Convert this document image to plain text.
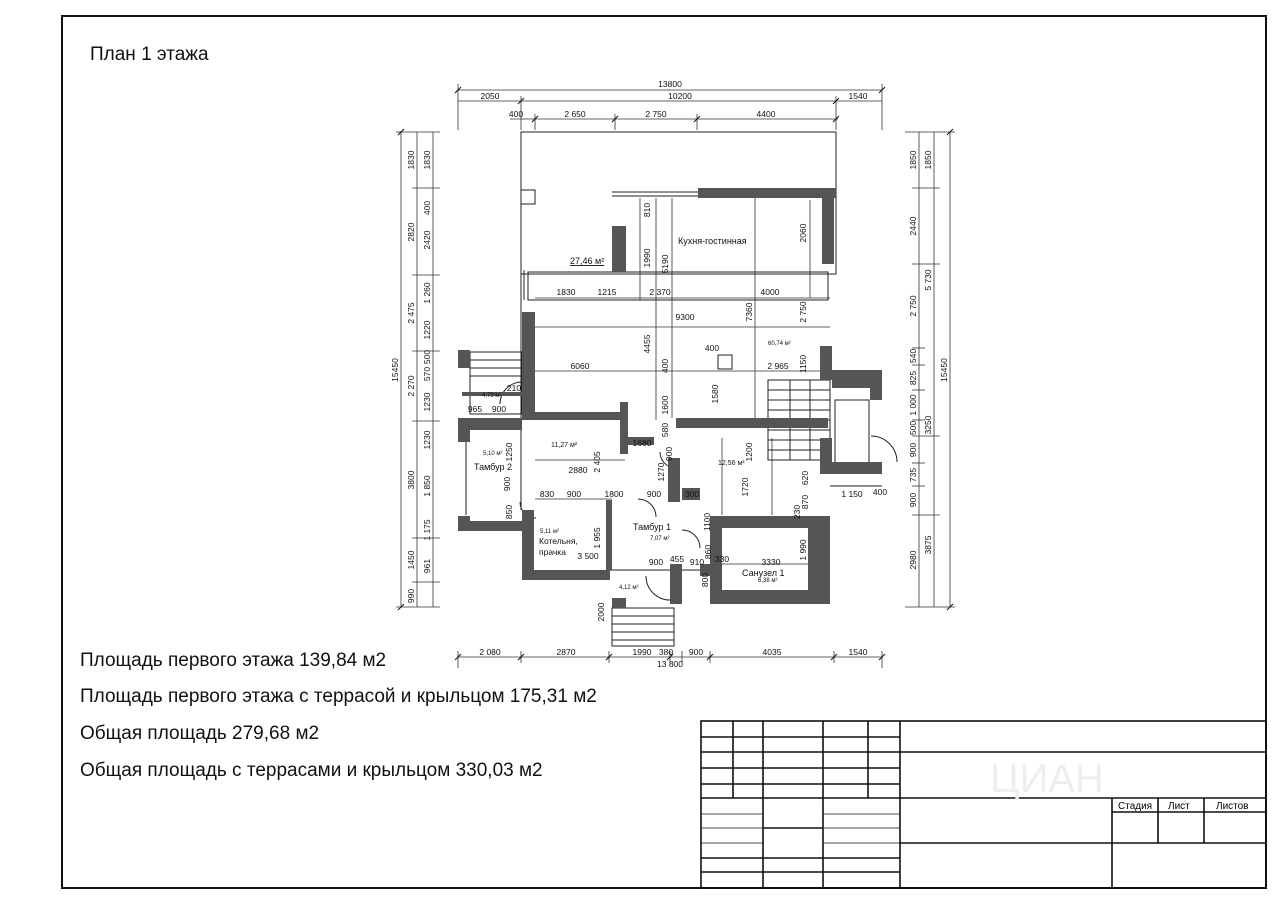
План 1 этажа
13800
2050	10200	1540
400	2 650	2 750	4400
2 080	2870	1990 380 900	4035	1540
13 800
15450
1830
2820
2 475
2 270
3800
1450
990
1830
400
2420
1 260
1220
500
570
1230
1230
1 850
1 175
961
15450
1850
2440
2 750
540
825
1 000
500
900
735
900
2980
1850
5 730
3250
3875
810
1990 5190
2060
1830	1215	2 370	4000
9300	7360	2 750
4455
400
400
6060	2 965 1150
1580
1600
580
210
965 900
1250	1680
900
2 405
2880	1270
1200
1720	620
870
830 900	1800	900	300
850
1 150 400
230
1100
1 955
3 500
900 455 910
860 330	3330
1 990
800
2000
900
Кухня-гостинная
27,46 м²
60,74 м²
4,73 м²
5,10 м²
Тамбур 2
11,27 м²
12,56 м²
5,11 м²
Котельня,
прачка
Тамбур 1
7,07 м²
Санузел 1
6,38 м²
4,12 м²
Площадь первого этажа 139,84 м2
Площадь первого этажа с террасой и крыльцом 175,31 м2
Общая площадь 279,68 м2
Общая площадь с террасами и крыльцом 330,03 м2	ЦИАН
Стадия Лист	Листов
